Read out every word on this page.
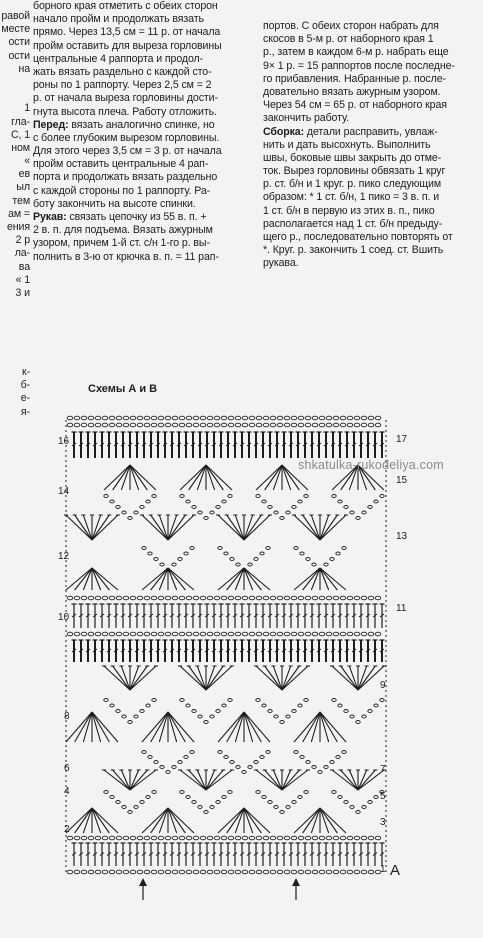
равой
месте
ости
ости
на
1
гла-
С, 1
ном
«
ев
ыл
тем
ам =
ения
2 р
ла-
ва
« 1
3 и
к-
б-
е-
я-
борного края отметить с обеих сторон
начало пройм и продолжать вязать
прямо. Через 13,5 см = 11 р. от начала
пройм оставить для выреза горловины
центральные 4 раппорта и продол-
жать вязать раздельно с каждой сто-
роны по 1 раппорту. Через 2,5 см = 2
р. от начала выреза горловины дости-
гнута высота плеча. Работу отложить.
Перед: вязать аналогично спинке, но
с более глубоким вырезом горловины.
Для этого через 3,5 см = 3 р. от начала
пройм оставить центральные 4 рап-
порта и продолжать вязать раздельно
с каждой стороны по 1 раппорту. Ра-
боту закончить на высоте спинки.
Рукав: связать цепочку из 55 в. п. +
2 в. п. для подъема. Вязать ажурным
узором, причем 1-й ст. с/н 1-го р. вы-
полнить в 3-ю от крючка в. п. = 11 рап-
портов. С обеих сторон набрать для
скосов в 5-м р. от наборного края 1
р., затем в каждом 6-м р. набрать еще
9× 1 р. = 15 раппортов после последне-
го прибавления. Набранные р. после-
довательно вязать ажурным узором.
Через 54 см = 65 р. от наборного края
закончить работу.
Сборка: детали расправить, увлаж-
нить и дать высохнуть. Выполнить
швы, боковые швы закрыть до отме-
ток. Вырез горловины обвязать 1 круг
р. ст. б/н и 1 круг. р. пико следующим
образом: * 1 ст. б/н, 1 пико = 3 в. п. и
1 ст. б/н в первую из этих в. п., пико
располагается над 1 ст. б/н предыду-
щего р., последовательно повторять от
*. Круг. р. закончить 1 соед. ст. Вшить
рукава.
Схемы А и В
16
14
12
10
8
6
4
2
17
15
13
11
9
7
5
3
1 A
shkatulka-rukodeliya.com
